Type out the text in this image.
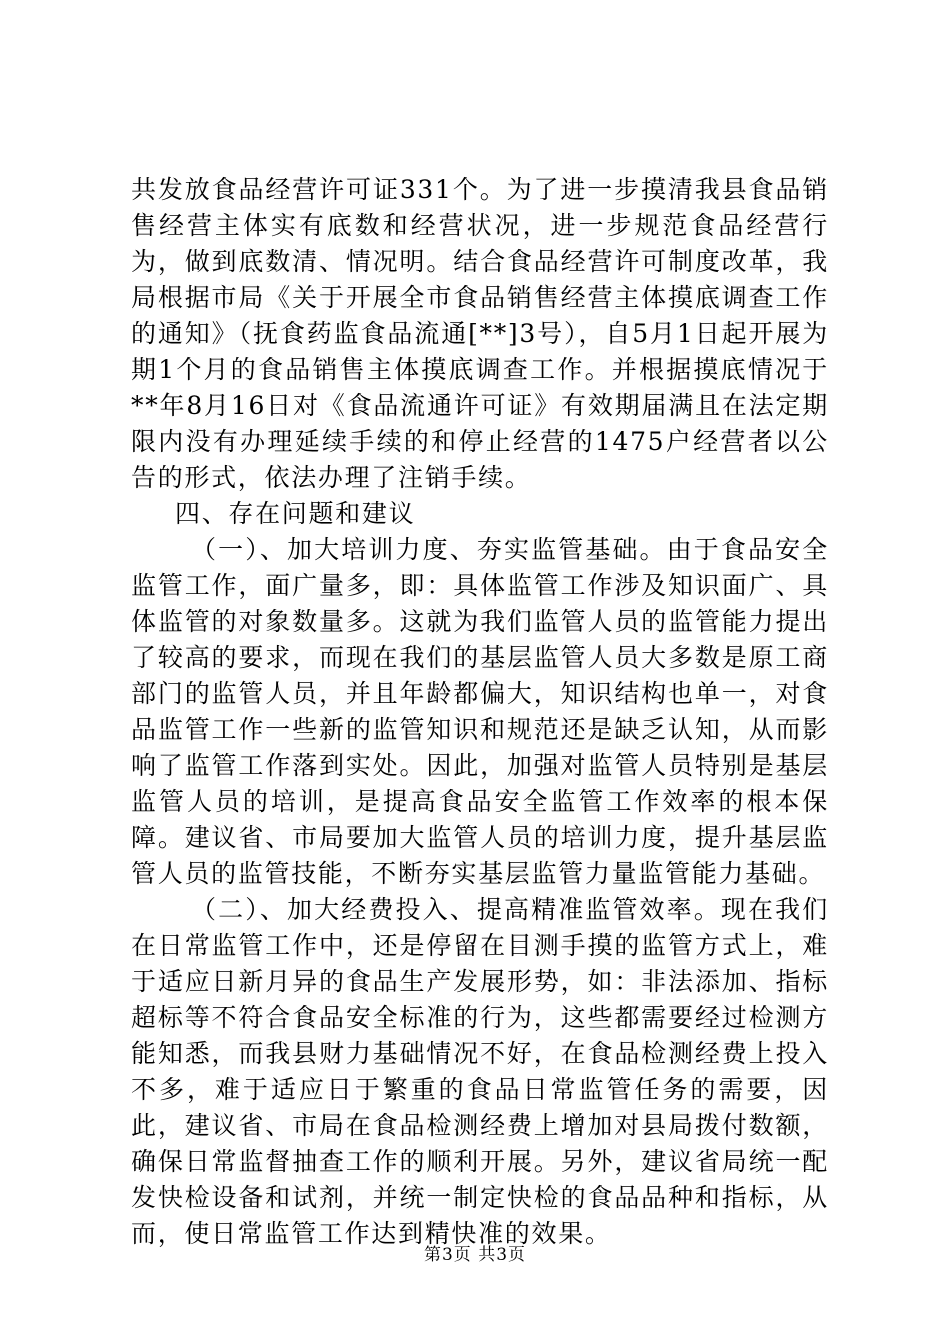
共发放食品经营许可证331个。为了进一步摸清我县食品销售经营主体实有底数和经营状况，进一步规范食品经营行为，做到底数清、情况明。结合食品经营许可制度改革，我局根据市局《关于开展全市食品销售经营主体摸底调查工作的通知》（抚食药监食品流通[**]3号），自5月1日起开展为期1个月的食品销售主体摸底调查工作。并根据摸底情况于**年8月16日对《食品流通许可证》有效期届满且在法定期限内没有办理延续手续的和停止经营的1475户经营者以公告的形式，依法办理了注销手续。

四、存在问题和建议

（一）、加大培训力度、夯实监管基础。由于食品安全监管工作，面广量多，即：具体监管工作涉及知识面广、具体监管的对象数量多。这就为我们监管人员的监管能力提出了较高的要求，而现在我们的基层监管人员大多数是原工商部门的监管人员，并且年龄都偏大，知识结构也单一，对食品监管工作一些新的监管知识和规范还是缺乏认知，从而影响了监管工作落到实处。因此，加强对监管人员特别是基层监管人员的培训，是提高食品安全监管工作效率的根本保障。建议省、市局要加大监管人员的培训力度，提升基层监管人员的监管技能，不断夯实基层监管力量监管能力基础。

（二）、加大经费投入、提高精准监管效率。现在我们在日常监管工作中，还是停留在目测手摸的监管方式上，难于适应日新月异的食品生产发展形势，如：非法添加、指标超标等不符合食品安全标准的行为，这些都需要经过检测方能知悉，而我县财力基础情况不好，在食品检测经费上投入不多，难于适应日于繁重的食品日常监管任务的需要，因此，建议省、市局在食品检测经费上增加对县局拨付数额，确保日常监督抽查工作的顺利开展。另外，建议省局统一配发快检设备和试剂，并统一制定快检的食品品种和指标，从而，使日常监管工作达到精快准的效果。

第3页 共3页
